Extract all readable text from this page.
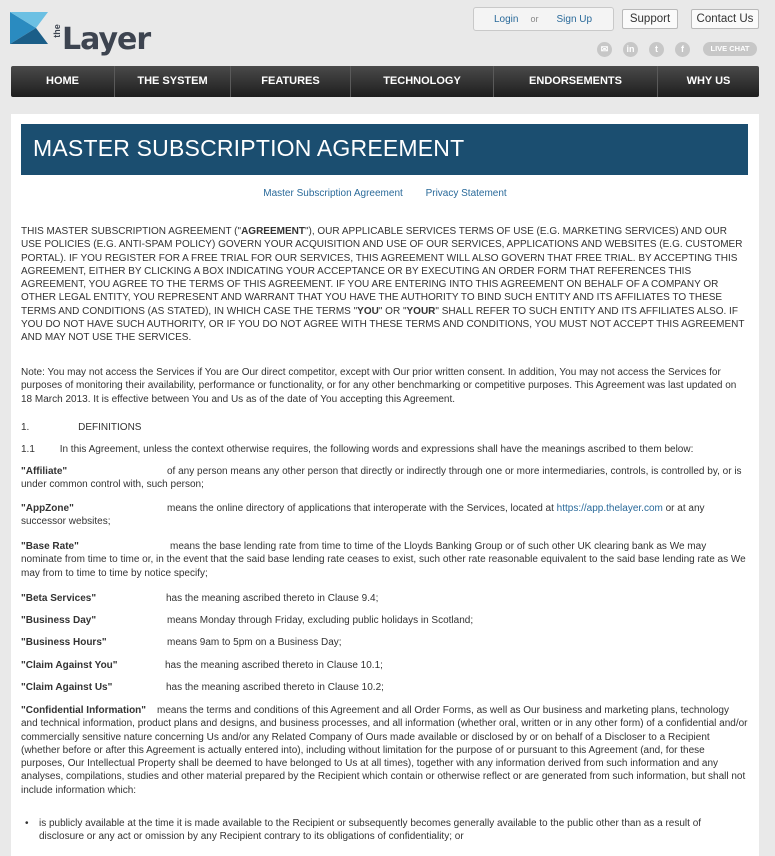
the Layer
Login or Sign Up	Support	Contact Us
✉	in	t	f	LIVE CHAT
HOME	THE SYSTEM	FEATURES	TECHNOLOGY	ENDORSEMENTS	WHY US
MASTER SUBSCRIPTION AGREEMENT
Master Subscription Agreement Privacy Statement
THIS MASTER SUBSCRIPTION AGREEMENT ("AGREEMENT"), OUR APPLICABLE SERVICES TERMS OF USE (E.G. MARKETING SERVICES) AND OUR USE POLICIES (E.G. ANTI-SPAM POLICY) GOVERN YOUR ACQUISITION AND USE OF OUR SERVICES, APPLICATIONS AND WEBSITES (E.G. CUSTOMER PORTAL). IF YOU REGISTER FOR A FREE TRIAL FOR OUR SERVICES, THIS AGREEMENT WILL ALSO GOVERN THAT FREE TRIAL. BY ACCEPTING THIS AGREEMENT, EITHER BY CLICKING A BOX INDICATING YOUR ACCEPTANCE OR BY EXECUTING AN ORDER FORM THAT REFERENCES THIS AGREEMENT, YOU AGREE TO THE TERMS OF THIS AGREEMENT. IF YOU ARE ENTERING INTO THIS AGREEMENT ON BEHALF OF A COMPANY OR OTHER LEGAL ENTITY, YOU REPRESENT AND WARRANT THAT YOU HAVE THE AUTHORITY TO BIND SUCH ENTITY AND ITS AFFILIATES TO THESE TERMS AND CONDITIONS (AS STATED), IN WHICH CASE THE TERMS "YOU" OR "YOUR" SHALL REFER TO SUCH ENTITY AND ITS AFFILIATES ALSO. IF YOU DO NOT HAVE SUCH AUTHORITY, OR IF YOU DO NOT AGREE WITH THESE TERMS AND CONDITIONS, YOU MUST NOT ACCEPT THIS AGREEMENT AND MAY NOT USE THE SERVICES.
Note: You may not access the Services if You are Our direct competitor, except with Our prior written consent. In addition, You may not access the Services for purposes of monitoring their availability, performance or functionality, or for any other benchmarking or competitive purposes. This Agreement was last updated on 18 March 2013. It is effective between You and Us as of the date of You accepting this Agreement.
1.	DEFINITIONS
1.1 In this Agreement, unless the context otherwise requires, the following words and expressions shall have the meanings ascribed to them below:
"Affiliate"	of any person means any other person that directly or indirectly through one or more intermediaries, controls, is controlled by, or is under common control with, such person;
"AppZone"	means the online directory of applications that interoperate with the Services, located at https://app.thelayer.com or at any successor websites;
"Base Rate"	means the base lending rate from time to time of the Lloyds Banking Group or of such other UK clearing bank as We may nominate from time to time or, in the event that the said base lending rate ceases to exist, such other rate reasonable equivalent to the said base lending rate as We may from to time to time by notice specify;
"Beta Services"	has the meaning ascribed thereto in Clause 9.4;
"Business Day"	means Monday through Friday, excluding public holidays in Scotland;
"Business Hours"	means 9am to 5pm on a Business Day;
"Claim Against You"	has the meaning ascribed thereto in Clause 10.1;
"Claim Against Us"	has the meaning ascribed thereto in Clause 10.2;
"Confidential Information" means the terms and conditions of this Agreement and all Order Forms, as well as Our business and marketing plans, technology and technical information, product plans and designs, and business processes, and all information (whether oral, written or in any other form) of a confidential and/or commercially sensitive nature concerning Us and/or any Related Company of Ours made available or disclosed by or on behalf of a Discloser to a Recipient (whether before or after this Agreement is actually entered into), including without limitation for the purpose of or pursuant to this Agreement (and, for these purposes, Our Intellectual Property shall be deemed to have belonged to Us at all times), together with any information derived from such information and any analyses, compilations, studies and other material prepared by the Recipient which contain or otherwise reflect or are generated from such information, but shall not include information which:
• is publicly available at the time it is made available to the Recipient or subsequently becomes generally available to the public other than as a result of disclosure or any act or omission by any Recipient contrary to its obligations of confidentiality; or
